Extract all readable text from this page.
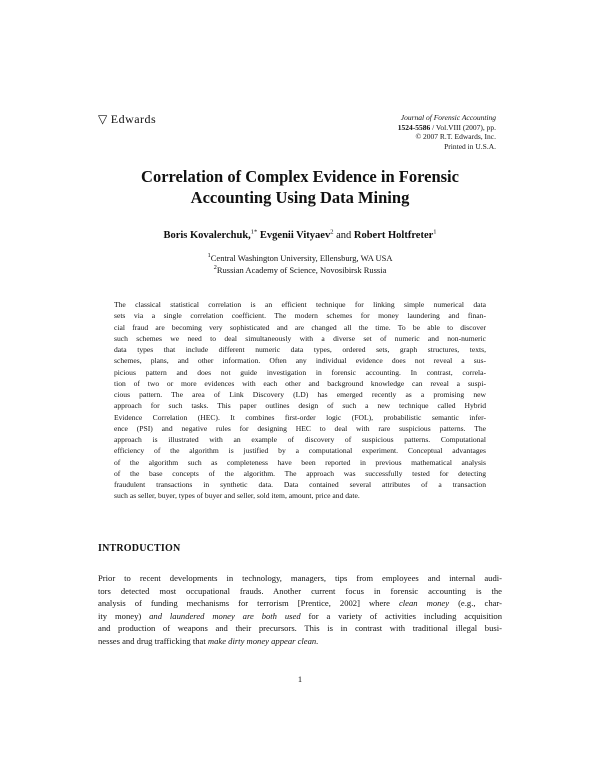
▽ Edwards	Journal of Forensic Accounting
1524-5586 / Vol.VIII (2007), pp.
© 2007 R.T. Edwards, Inc.
Printed in U.S.A.
Correlation of Complex Evidence in Forensic
Accounting Using Data Mining
Boris Kovalerchuk,$^{1*}$ Evgenii Vityaev$^2$ and Robert Holtfreter$^1$
$^1$Central Washington University, Ellensburg, WA USA
$^2$Russian Academy of Science, Novosibirsk Russia
The classical statistical correlation is an efficient technique for linking simple numerical data
sets via a single correlation coefficient. The modern schemes for money laundering and finan-
cial fraud are becoming very sophisticated and are changed all the time. To be able to discover
such schemes we need to deal simultaneously with a diverse set of numeric and non-numeric
data types that include different numeric data types, ordered sets, graph structures, texts,
schemes, plans, and other information. Often any individual evidence does not reveal a sus-
picious pattern and does not guide investigation in forensic accounting. In contrast, correla-
tion of two or more evidences with each other and background knowledge can reveal a suspi-
cious pattern. The area of Link Discovery (LD) has emerged recently as a promising new
approach for such tasks. This paper outlines design of such a new technique called Hybrid
Evidence Correlation (HEC). It combines first-order logic (FOL), probabilistic semantic infer-
ence (PSI) and negative rules for designing HEC to deal with rare suspicious patterns. The
approach is illustrated with an example of discovery of suspicious patterns. Computational
efficiency of the algorithm is justified by a computational experiment. Conceptual advantages
of the algorithm such as completeness have been reported in previous mathematical analysis
of the base concepts of the algorithm. The approach was successfully tested for detecting
fraudulent transactions in synthetic data. Data contained several attributes of a transaction
such as seller, buyer, types of buyer and seller, sold item, amount, price and date.
INTRODUCTION
Prior to recent developments in technology, managers, tips from employees and internal audi-
tors detected most occupational frauds. Another current focus in forensic accounting is the
analysis of funding mechanisms for terrorism [Prentice, 2002] where clean money (e.g., char-
ity money) and laundered money are both used for a variety of activities including acquisition
and production of weapons and their precursors. This is in contrast with traditional illegal busi-
nesses and drug trafficking that make dirty money appear clean.
1
